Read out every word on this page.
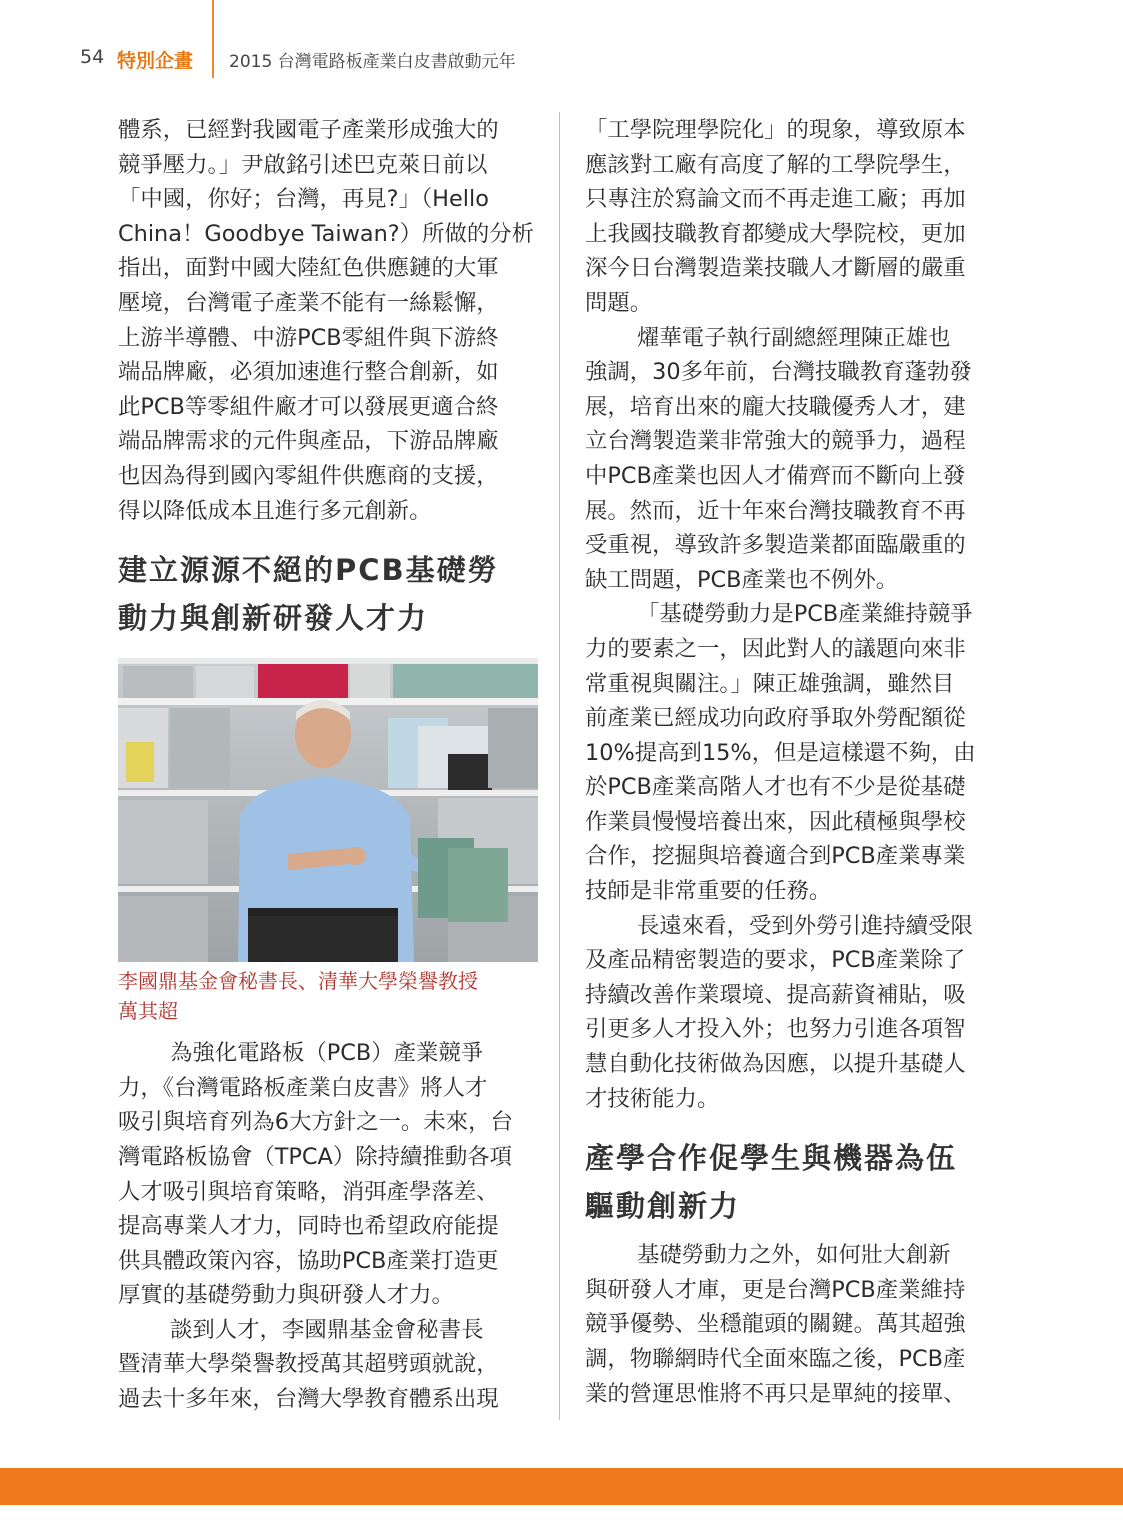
54 特別企畫 2015 台灣電路板產業白皮書啟動元年

體系，已經對我國電子產業形成強大的

競爭壓力。」尹啟銘引述巴克萊日前以

「中國，你好；台灣，再見?」（Hello

China！Goodbye Taiwan?）所做的分析

指出，面對中國大陸紅色供應鏈的大軍

壓境，台灣電子產業不能有一絲鬆懈，

上游半導體、中游PCB零組件與下游終

端品牌廠，必須加速進行整合創新，如

此PCB等零組件廠才可以發展更適合終

端品牌需求的元件與產品，下游品牌廠

也因為得到國內零組件供應商的支援，

得以降低成本且進行多元創新。

建立源源不絕的PCB基礎勞
動力與創新研發人才力
李國鼎基金會秘書長、清華大學榮譽教授
萬其超

為強化電路板（PCB）產業競爭

力，《台灣電路板產業白皮書》將人才

吸引與培育列為6大方針之一。未來，台

灣電路板協會（TPCA）除持續推動各項

人才吸引與培育策略，消弭產學落差、

提高專業人才力，同時也希望政府能提

供具體政策內容，協助PCB產業打造更

厚實的基礎勞動力與研發人才力。

談到人才，李國鼎基金會秘書長

暨清華大學榮譽教授萬其超劈頭就說，

過去十多年來，台灣大學教育體系出現

「工學院理學院化」的現象，導致原本

應該對工廠有高度了解的工學院學生，

只專注於寫論文而不再走進工廠；再加

上我國技職教育都變成大學院校，更加

深今日台灣製造業技職人才斷層的嚴重

問題。

燿華電子執行副總經理陳正雄也

強調，30多年前，台灣技職教育蓬勃發

展，培育出來的龐大技職優秀人才，建

立台灣製造業非常強大的競爭力，過程

中PCB產業也因人才備齊而不斷向上發

展。然而，近十年來台灣技職教育不再

受重視，導致許多製造業都面臨嚴重的

缺工問題，PCB產業也不例外。

「基礎勞動力是PCB產業維持競爭

力的要素之一，因此對人的議題向來非

常重視與關注。」陳正雄強調，雖然目

前產業已經成功向政府爭取外勞配額從

10%提高到15%，但是這樣還不夠，由

於PCB產業高階人才也有不少是從基礎

作業員慢慢培養出來，因此積極與學校

合作，挖掘與培養適合到PCB產業專業

技師是非常重要的任務。

長遠來看，受到外勞引進持續受限

及產品精密製造的要求，PCB產業除了

持續改善作業環境、提高薪資補貼，吸

引更多人才投入外；也努力引進各項智

慧自動化技術做為因應，以提升基礎人

才技術能力。

產學合作促學生與機器為伍
驅動創新力

基礎勞動力之外，如何壯大創新

與研發人才庫，更是台灣PCB產業維持

競爭優勢、坐穩龍頭的關鍵。萬其超強

調，物聯網時代全面來臨之後，PCB產

業的營運思惟將不再只是單純的接單、
